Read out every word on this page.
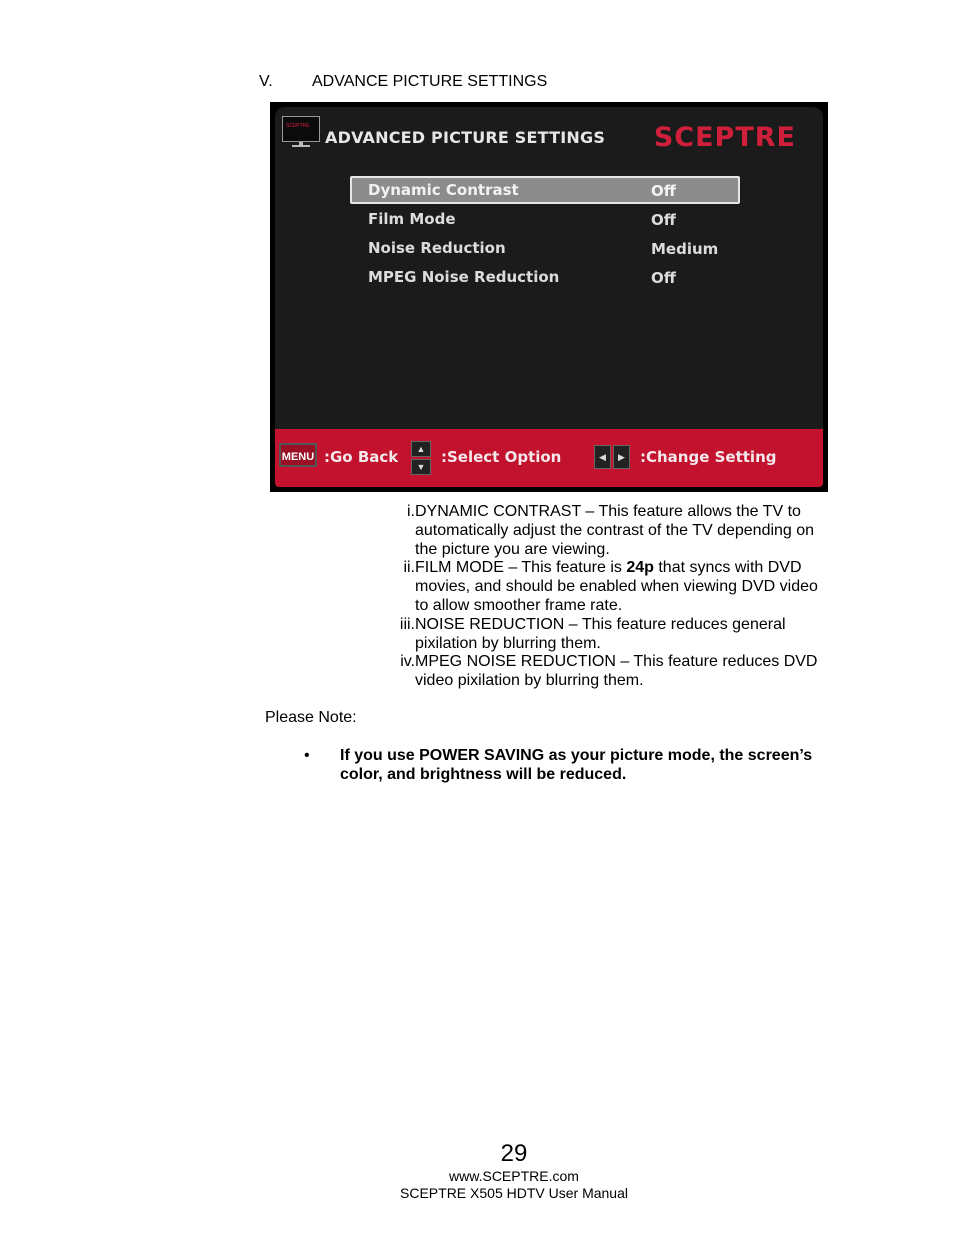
V. ADVANCE PICTURE SETTINGS
SCEPTRE
ADVANCED PICTURE SETTINGS SCEPTRE
Dynamic Contrast	Off
Film Mode	Off
Noise Reduction	Medium
MPEG Noise Reduction	Off
MENU :Go Back	▲
▼
:Select Option	◀	▶	:Change Setting
i. DYNAMIC CONTRAST – This feature allows the TV to
automatically adjust the contrast of the TV depending on
the picture you are viewing.
ii. FILM MODE – This feature is 24p that syncs with DVD
movies, and should be enabled when viewing DVD video
to allow smoother frame rate.
iii. NOISE REDUCTION – This feature reduces general
pixilation by blurring them.
iv. MPEG NOISE REDUCTION – This feature reduces DVD
video pixilation by blurring them.
Please Note:
• If you use POWER SAVING as your picture mode, the screen’s
color, and brightness will be reduced.
29
www.SCEPTRE.com
SCEPTRE X505 HDTV User Manual
